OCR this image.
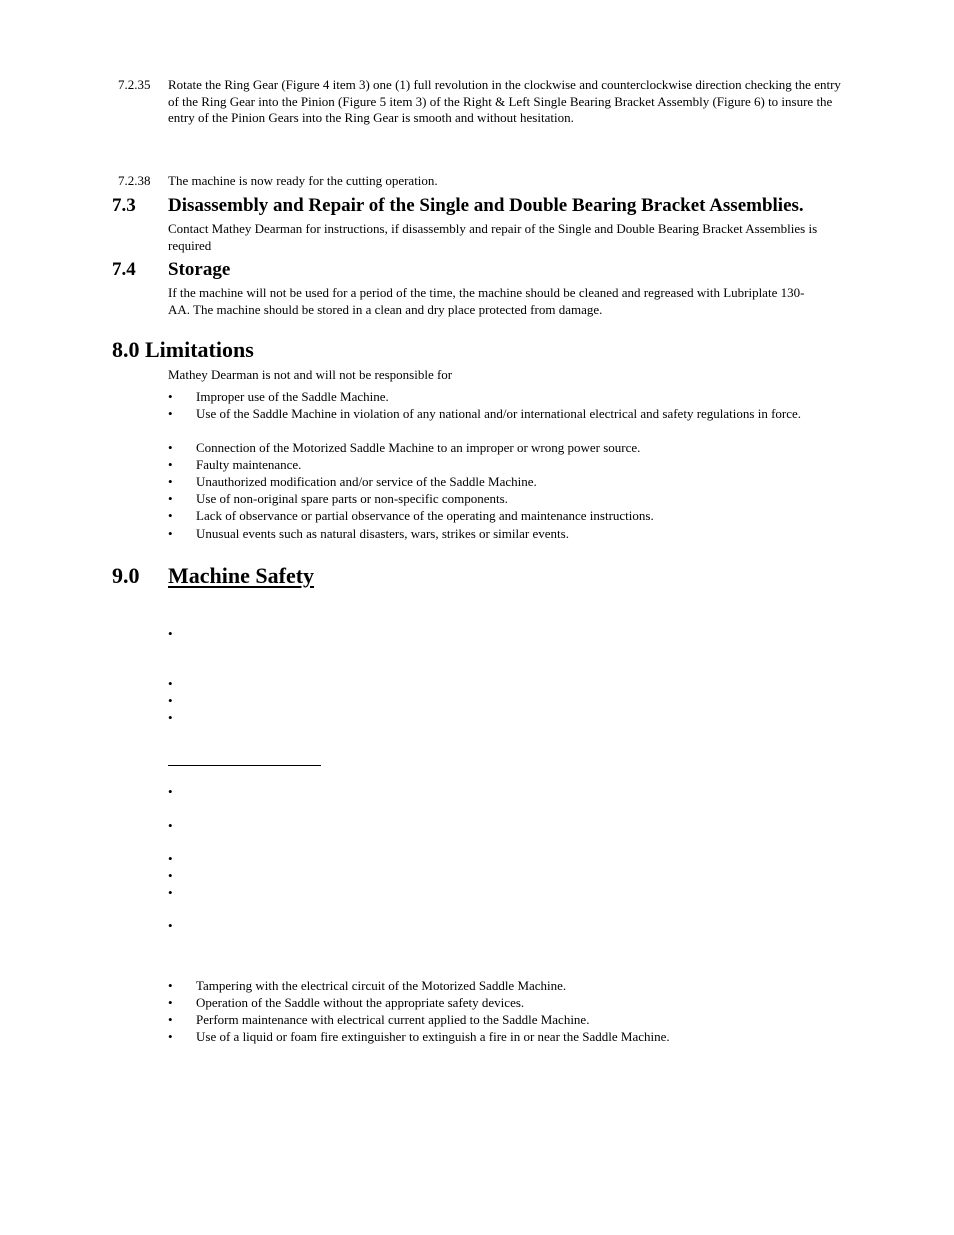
7.2.35 Rotate the Ring Gear (Figure 4 item 3) one (1) full revolution in the clockwise and counterclockwise direction checking the entry of the Ring Gear into the Pinion (Figure 5 item 3) of the Right & Left Single Bearing Bracket Assembly (Figure 6) to insure the entry of the Pinion Gears into the Ring Gear is smooth and without hesitation.
7.2.38 The machine is now ready for the cutting operation.
7.3 Disassembly and Repair of the Single and Double Bearing Bracket Assemblies.
Contact Mathey Dearman for instructions, if disassembly and repair of the Single and Double Bearing Bracket Assemblies is required
7.4 Storage
If the machine will not be used for a period of the time, the machine should be cleaned and regreased with Lubriplate 130-AA. The machine should be stored in a clean and dry place protected from damage.
8.0 Limitations
Mathey Dearman is not and will not be responsible for
• Improper use of the Saddle Machine.
• Use of the Saddle Machine in violation of any national and/or international electrical and safety regulations in force.
• Connection of the Motorized Saddle Machine to an improper or wrong power source.
• Faulty maintenance.
• Unauthorized modification and/or service of the Saddle Machine.
• Use of non-original spare parts or non-specific components.
• Lack of observance or partial observance of the operating and maintenance instructions.
• Unusual events such as natural disasters, wars, strikes or similar events.
9.0 Machine Safety
•
•
•
•
•
•
•
•
•
•
• Tampering with the electrical circuit of the Motorized Saddle Machine.
• Operation of the Saddle without the appropriate safety devices.
• Perform maintenance with electrical current applied to the Saddle Machine.
• Use of a liquid or foam fire extinguisher to extinguish a fire in or near the Saddle Machine.
